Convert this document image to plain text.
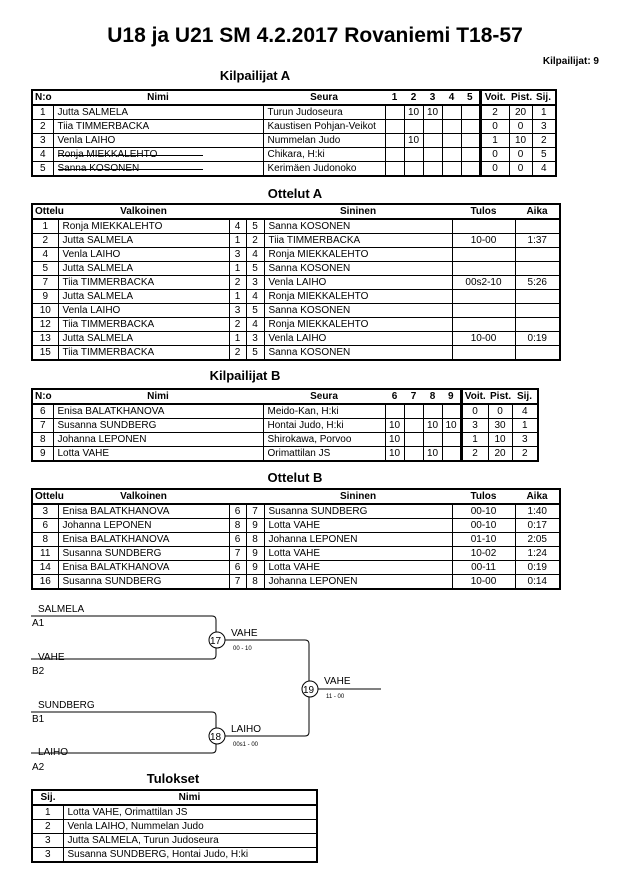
U18 ja U21 SM 4.2.2017 Rovaniemi T18-57
Kilpailijat: 9
Kilpailijat A
N:o	Nimi	Seura	1	2	3	4	5	Voit.	Pist.	Sij.
1	Jutta SALMELA	Turun Judoseura		10	10			2	20	1
2	Tiia TIMMERBACKA	Kaustisen Pohjan-Veikot						0	0	3
3	Venla LAIHO	Nummelan Judo		10				1	10	2
4	Ronja MIEKKALEHTO	Chikara, H:ki						0	0	5
5	Sanna KOSONEN	Kerimäen Judonoko						0	0	4
Ottelut A
Ottelu	Valkoinen			Sininen	Tulos	Aika
1	Ronja MIEKKALEHTO	4	5	Sanna KOSONEN		
2	Jutta SALMELA	1	2	Tiia TIMMERBACKA	10-00	1:37
4	Venla LAIHO	3	4	Ronja MIEKKALEHTO		
5	Jutta SALMELA	1	5	Sanna KOSONEN		
7	Tiia TIMMERBACKA	2	3	Venla LAIHO	00s2-10	5:26
9	Jutta SALMELA	1	4	Ronja MIEKKALEHTO		
10	Venla LAIHO	3	5	Sanna KOSONEN		
12	Tiia TIMMERBACKA	2	4	Ronja MIEKKALEHTO		
13	Jutta SALMELA	1	3	Venla LAIHO	10-00	0:19
15	Tiia TIMMERBACKA	2	5	Sanna KOSONEN		
Kilpailijat B
N:o	Nimi	Seura	6	7	8	9	Voit.	Pist.	Sij.
6	Enisa BALATKHANOVA	Meido-Kan, H:ki					0	0	4
7	Susanna SUNDBERG	Hontai Judo, H:ki	10		10	10	3	30	1
8	Johanna LEPONEN	Shirokawa, Porvoo	10				1	10	3
9	Lotta VAHE	Orimattilan JS	10		10		2	20	2
Ottelut B
Ottelu	Valkoinen			Sininen	Tulos	Aika
3	Enisa BALATKHANOVA	6	7	Susanna SUNDBERG	00-10	1:40
6	Johanna LEPONEN	8	9	Lotta VAHE	00-10	0:17
8	Enisa BALATKHANOVA	6	8	Johanna LEPONEN	01-10	2:05
11	Susanna SUNDBERG	7	9	Lotta VAHE	10-02	1:24
14	Enisa BALATKHANOVA	6	9	Lotta VAHE	00-11	0:19
16	Susanna SUNDBERG	7	8	Johanna LEPONEN	10-00	0:14
SALMELA
A1
VAHE
B2
17
VAHE
00 - 10
SUNDBERG
B1
LAIHO
A2
18
LAIHO
00s1 - 00
19
VAHE
11 - 00
Tulokset
Sij.	Nimi
1	Lotta VAHE, Orimattilan JS
2	Venla LAIHO, Nummelan Judo
3	Jutta SALMELA, Turun Judoseura
3	Susanna SUNDBERG, Hontai Judo, H:ki
